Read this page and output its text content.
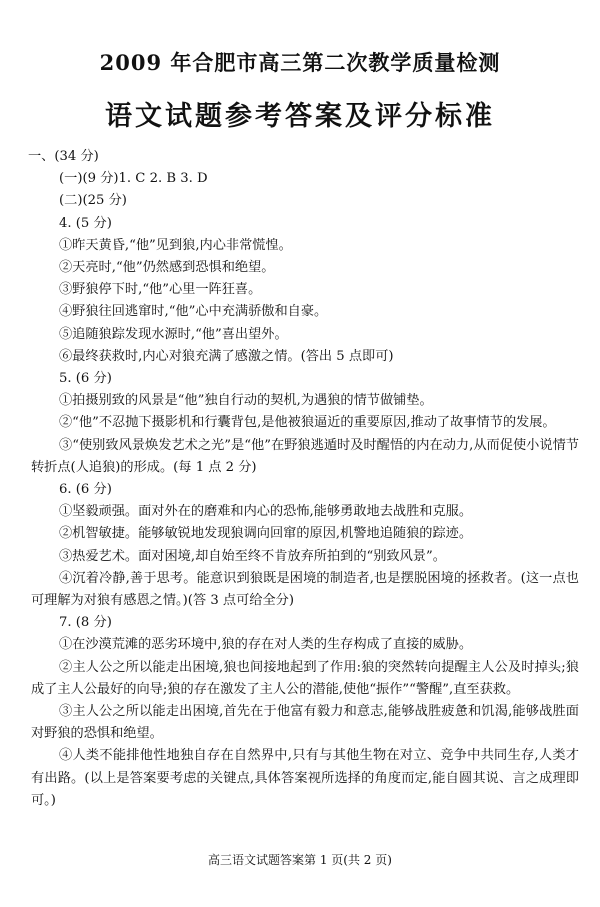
2009 年合肥市高三第二次教学质量检测
语文试题参考答案及评分标准
一、(34 分)
(一)(9 分)1. C 2. B 3. D
(二)(25 分)
4. (5 分)
①昨天黄昏,“他”见到狼,内心非常慌惶。
②天亮时,“他”仍然感到恐惧和绝望。
③野狼停下时,“他”心里一阵狂喜。
④野狼往回逃窜时,“他”心中充满骄傲和自豪。
⑤追随狼踪发现水源时,“他”喜出望外。
⑥最终获救时,内心对狼充满了感激之情。(答出 5 点即可)
5. (6 分)
①拍摄别致的风景是“他”独自行动的契机,为遇狼的情节做铺垫。
②“他”不忍抛下摄影机和行囊背包,是他被狼逼近的重要原因,推动了故事情节的发展。
③“使别致风景焕发艺术之光”是“他”在野狼逃遁时及时醒悟的内在动力,从而促使小说情节转折点(人追狼)的形成。(每 1 点 2 分)
6. (6 分)
①坚毅顽强。面对外在的磨难和内心的恐怖,能够勇敢地去战胜和克服。
②机智敏捷。能够敏锐地发现狼调向回窜的原因,机警地追随狼的踪迹。
③热爱艺术。面对困境,却自始至终不肯放弃所拍到的“别致风景”。
④沉着冷静,善于思考。能意识到狼既是困境的制造者,也是摆脱困境的拯救者。(这一点也可理解为对狼有感恩之情。)(答 3 点可给全分)
7. (8 分)
①在沙漠荒滩的恶劣环境中,狼的存在对人类的生存构成了直接的威胁。
②主人公之所以能走出困境,狼也间接地起到了作用:狼的突然转向提醒主人公及时掉头;狼成了主人公最好的向导;狼的存在激发了主人公的潜能,使他“振作”“警醒”,直至获救。
③主人公之所以能走出困境,首先在于他富有毅力和意志,能够战胜疲惫和饥渴,能够战胜面对野狼的恐惧和绝望。
④人类不能排他性地独自存在自然界中,只有与其他生物在对立、竞争中共同生存,人类才有出路。(以上是答案要考虑的关键点,具体答案视所选择的角度而定,能自圆其说、言之成理即可。)
高三语文试题答案第 1 页(共 2 页)
